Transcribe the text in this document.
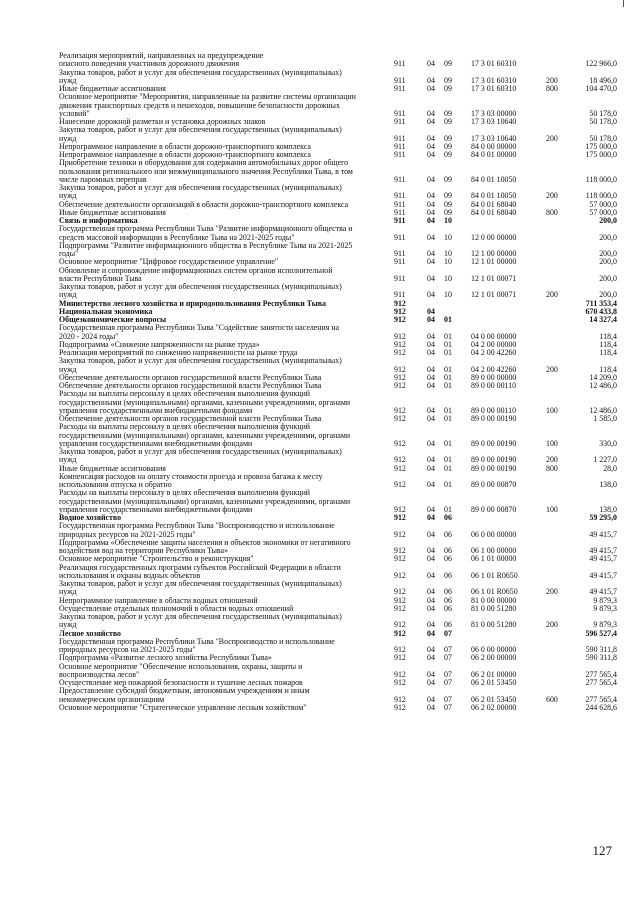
Реализация мероприятий, направленных на предупреждение
опасного поведения участников дорожного движения	911	04 09 17 3 01 60310	122 966,0
Закупка товаров, работ и услуг для обеспечения государственных (муниципальных)
нужд	911	04 09 17 3 01 60310	200	18 496,0
Иные бюджетные ассигнования	911	04 09 17 3 01 60310	800	104 470,0
Основное мероприятие "Мероприятия, направленные на развитие системы организации
движения транспортных средств и пешеходов, повышение безопасности дорожных
условий"	911	04 09 17 3 03 00000	50 178,0
Нанесение дорожной разметки и установка дорожных знаков	911	04 09 17 3 03 10640	50 178,0
Закупка товаров, работ и услуг для обеспечения государственных (муниципальных)
нужд	911	04 09 17 3 03 10640	200	50 178,0
Непрограммное направление в области дорожно-транспортного комплекса	911	04 09 84 0 00 00000	175 000,0
Непрограммное направление в области дорожно-транспортного комплекса	911	04 09 84 0 01 00000	175 000,0
Приобретение техники и оборудования для содержания автомобильных дорог общего
пользования регионального или межмуниципального значения Республики Тыва, в том
числе паромных переправ	911	04 09 84 0 01 10050	118 000,0
Закупка товаров, работ и услуг для обеспечения государственных (муниципальных)
нужд	911	04 09 84 0 01 10050	200	118 000,0
Обеспечение деятельности организаций в области дорожно-транспортного комплекса	911	04 09 84 0 01 68040	57 000,0
Иные бюджетные ассигнования	911	04 09 84 0 01 68040	800	57 000,0
Связь и информатика	911	04 10	200,0
Государственная программа Республики Тыва "Развитие информационного общества и
средств массовой информации в Республике Тыва на 2021-2025 годы"	911	04 10 12 0 00 00000	200,0
Подпрограмма "Развитие информационного общества в Республике Тыва на 2021-2025
годы"	911	04 10 12 1 00 00000	200,0
Основное мероприятие "Цифровое государственное управление"	911	04 10 12 1 01 00000	200,0
Обновление и сопровождение информационных систем органов исполнительной
власти Республики Тыва	911	04 10 12 1 01 00071	200,0
Закупка товаров, работ и услуг для обеспечения государственных (муниципальных)
нужд	911	04 10 12 1 01 00071	200	200,0
Министерство лесного хозяйства и природопользования Республики Тыва	912	711 353,4
Национальная экономика	912	04	670 433,8
Общеэкономические вопросы	912	04 01	14 327,4
Государственная программа Республики Тыва "Содействие занятости населения на
2020 - 2024 годы"	912	04 01 04 0 00 00000	118,4
Подпрограмма «Снижение напряженности на рынке труда»	912	04 01 04 2 00 00000	118,4
Реализация мероприятий по снижению напряженности на рынке труда	912	04 01 04 2 00 42260	118,4
Закупка товаров, работ и услуг для обеспечения государственных (муниципальных)
нужд	912	04 01 04 2 00 42260	200	118,4
Обеспечение деятельности органов государственной власти Республики Тыва	912	04 01 89 0 00 00000	14 209,0
Обеспечение деятельности органов государственной власти Республики Тыва	912	04 01 89 0 00 00110	12 486,0
Расходы на выплаты персоналу в целях обеспечения выполнения функций
государственными (муниципальными) органами, казенными учреждениями, органами
управления государственными внебюджетными фондами	912	04 01 89 0 00 00110	100	12 486,0
Обеспечение деятельности органов государственной власти Республики Тыва	912	04 01 89 0 00 00190	1 585,0
Расходы на выплаты персоналу в целях обеспечения выполнения функций
государственными (муниципальными) органами, казенными учреждениями, органами
управления государственными внебюджетными фондами	912	04 01 89 0 00 00190	100	330,0
Закупка товаров, работ и услуг для обеспечения государственных (муниципальных)
нужд	912	04 01 89 0 00 00190	200	1 227,0
Иные бюджетные ассигнования	912	04 01 89 0 00 00190	800	28,0
Компенсация расходов на оплату стоимости проезда и провоза багажа к месту
использования отпуска и обратно	912	04 01 89 0 00 00870	138,0
Расходы на выплаты персоналу в целях обеспечения выполнения функций
государственными (муниципальными) органами, казенными учреждениями, органами
управления государственными внебюджетными фондами	912	04 01 89 0 00 00870	100	138,0
Водное хозяйство	912	04 06	59 295,0
Государственная программа Республики Тыва "Воспроизводство и использование
природных ресурсов на 2021-2025 годы"	912	04 06 06 0 00 00000	49 415,7
Подпрограмма «Обеспечение защиты населения и объектов экономики от негативного
воздействия вод на территории Республики Тыва»	912	04 06 06 1 00 00000	49 415,7
Основное мероприятие "Строительство и реконструкция"	912	04 06 06 1 01 00000	49 415,7
Реализация государственных программ субъектов Российской Федерации в области
использования и охраны водных объектов	912	04 06 06 1 01 R0650	49 415,7
Закупка товаров, работ и услуг для обеспечения государственных (муниципальных)
нужд	912	04 06 06 1 01 R0650	200	49 415,7
Непрограммное направление в области водных отношений	912	04 06 81 0 00 00000	9 879,3
Осуществление отдельных полномочий в области водных отношений	912	04 06 81 0 00 51280	9 879,3
Закупка товаров, работ и услуг для обеспечения государственных (муниципальных)
нужд	912	04 06 81 0 00 51280	200	9 879,3
Лесное хозяйство	912	04 07	596 527,4
Государственная программа Республики Тыва "Воспроизводство и использование
природных ресурсов на 2021-2025 годы"	912	04 07 06 0 00 00000	590 311,8
Подпрограмма «Развитие лесного хозяйства Республики Тыва»	912	04 07 06 2 00 00000	590 311,8
Основное мероприятие "Обеспечение использования, охраны, защиты и
воспроизводства лесов"	912	04 07 06 2 01 00000	277 565,4
Осуществление мер пожарной безопасности и тушение лесных пожаров	912	04 07 06 2 01 53450	277 565,4
Предоставление субсидий бюджетным, автономным учреждениям и иным
некоммерческим организациям	912	04 07 06 2 01 53450	600	277 565,4
Основное мероприятие "Стратегическое управление лесным хозяйством"	912	04 07 06 2 02 00000	244 628,6
127
